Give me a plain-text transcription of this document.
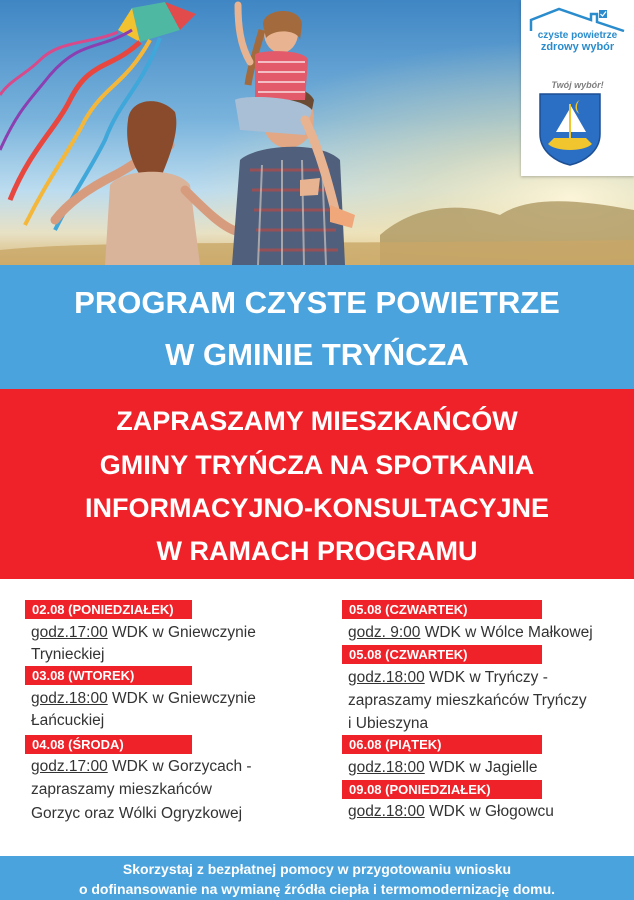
czyste powietrze
zdrowy wybór
Twój wybór!
PROGRAM CZYSTE POWIETRZE
W GMINIE TRYŃCZA
ZAPRASZAMY MIESZKAŃCÓW
GMINY TRYŃCZA NA SPOTKANIA
INFORMACYJNO-KONSULTACYJNE
W RAMACH PROGRAMU
02.08 (PONIEDZIAŁEK)
godz.17:00 WDK w Gniewczynie
Trynieckiej
03.08 (WTOREK)
godz.18:00 WDK w Gniewczynie
Łańcuckiej
04.08 (ŚRODA)
godz.17:00 WDK w Gorzycach -
zapraszamy mieszkańców
Gorzyc oraz Wólki Ogryzkowej
05.08 (CZWARTEK)
godz. 9:00 WDK w Wólce Małkowej
05.08 (CZWARTEK)
godz.18:00 WDK w Tryńczy -
zapraszamy mieszkańców Tryńczy
i Ubieszyna
06.08 (PIĄTEK)
godz.18:00 WDK w Jagielle
09.08 (PONIEDZIAŁEK)
godz.18:00 WDK w Głogowcu
Skorzystaj z bezpłatnej pomocy w przygotowaniu wniosku
o dofinansowanie na wymianę źródła ciepła i termomodernizację domu.
